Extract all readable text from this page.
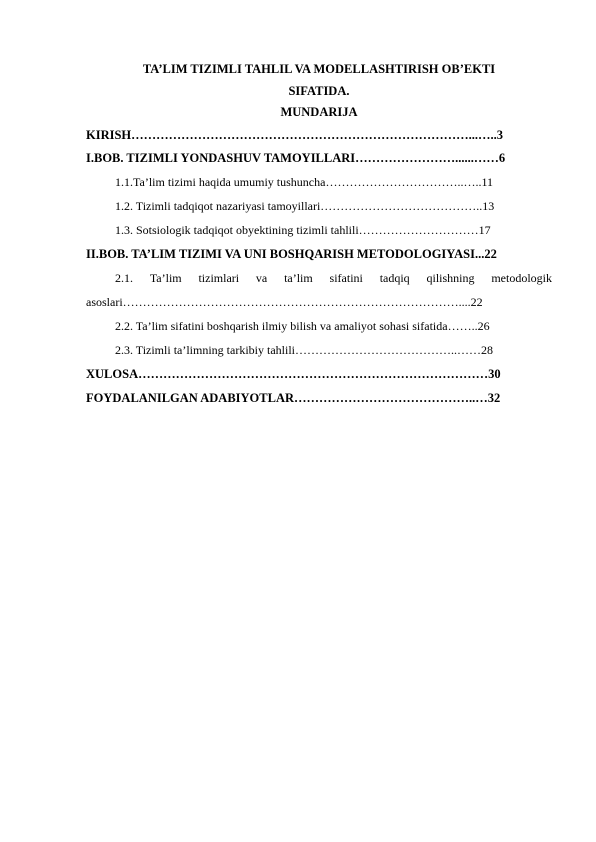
TA’LIM TIZIMLI TAHLIL VA MODELLASHTIRISH OB’EKTI
SIFATIDA.
MUNDARIJA
KIRISH………………………………………………………………………...…..3
I.BOB. TIZIMLI YONDASHUV TAMOYILLARI……………………......……6
1.1.Ta’lim tizimi haqida umumiy tushuncha……………………………..…..11
1.2. Tizimli tadqiqot nazariyasi tamoyillari…………………………………..13
1.3. Sotsiologik tadqiqot obyektining tizimli tahlili…………………………17
II.BOB. TA’LIM TIZIMI VA UNI BOSHQARISH METODOLOGIYASI...22
2.1. Ta’lim tizimlari va ta’lim sifatini tadqiq qilishning metodologik
asoslari…………………………………………………………………………....22
2.2. Ta’lim sifatini boshqarish ilmiy bilish va amaliyot sohasi sifatida……..26
2.3. Tizimli ta’limning tarkibiy tahlili…………………………………..……28
XULOSA…………………………………………………………………………30
FOYDALANILGAN ADABIYOTLAR……………………………………..…32
